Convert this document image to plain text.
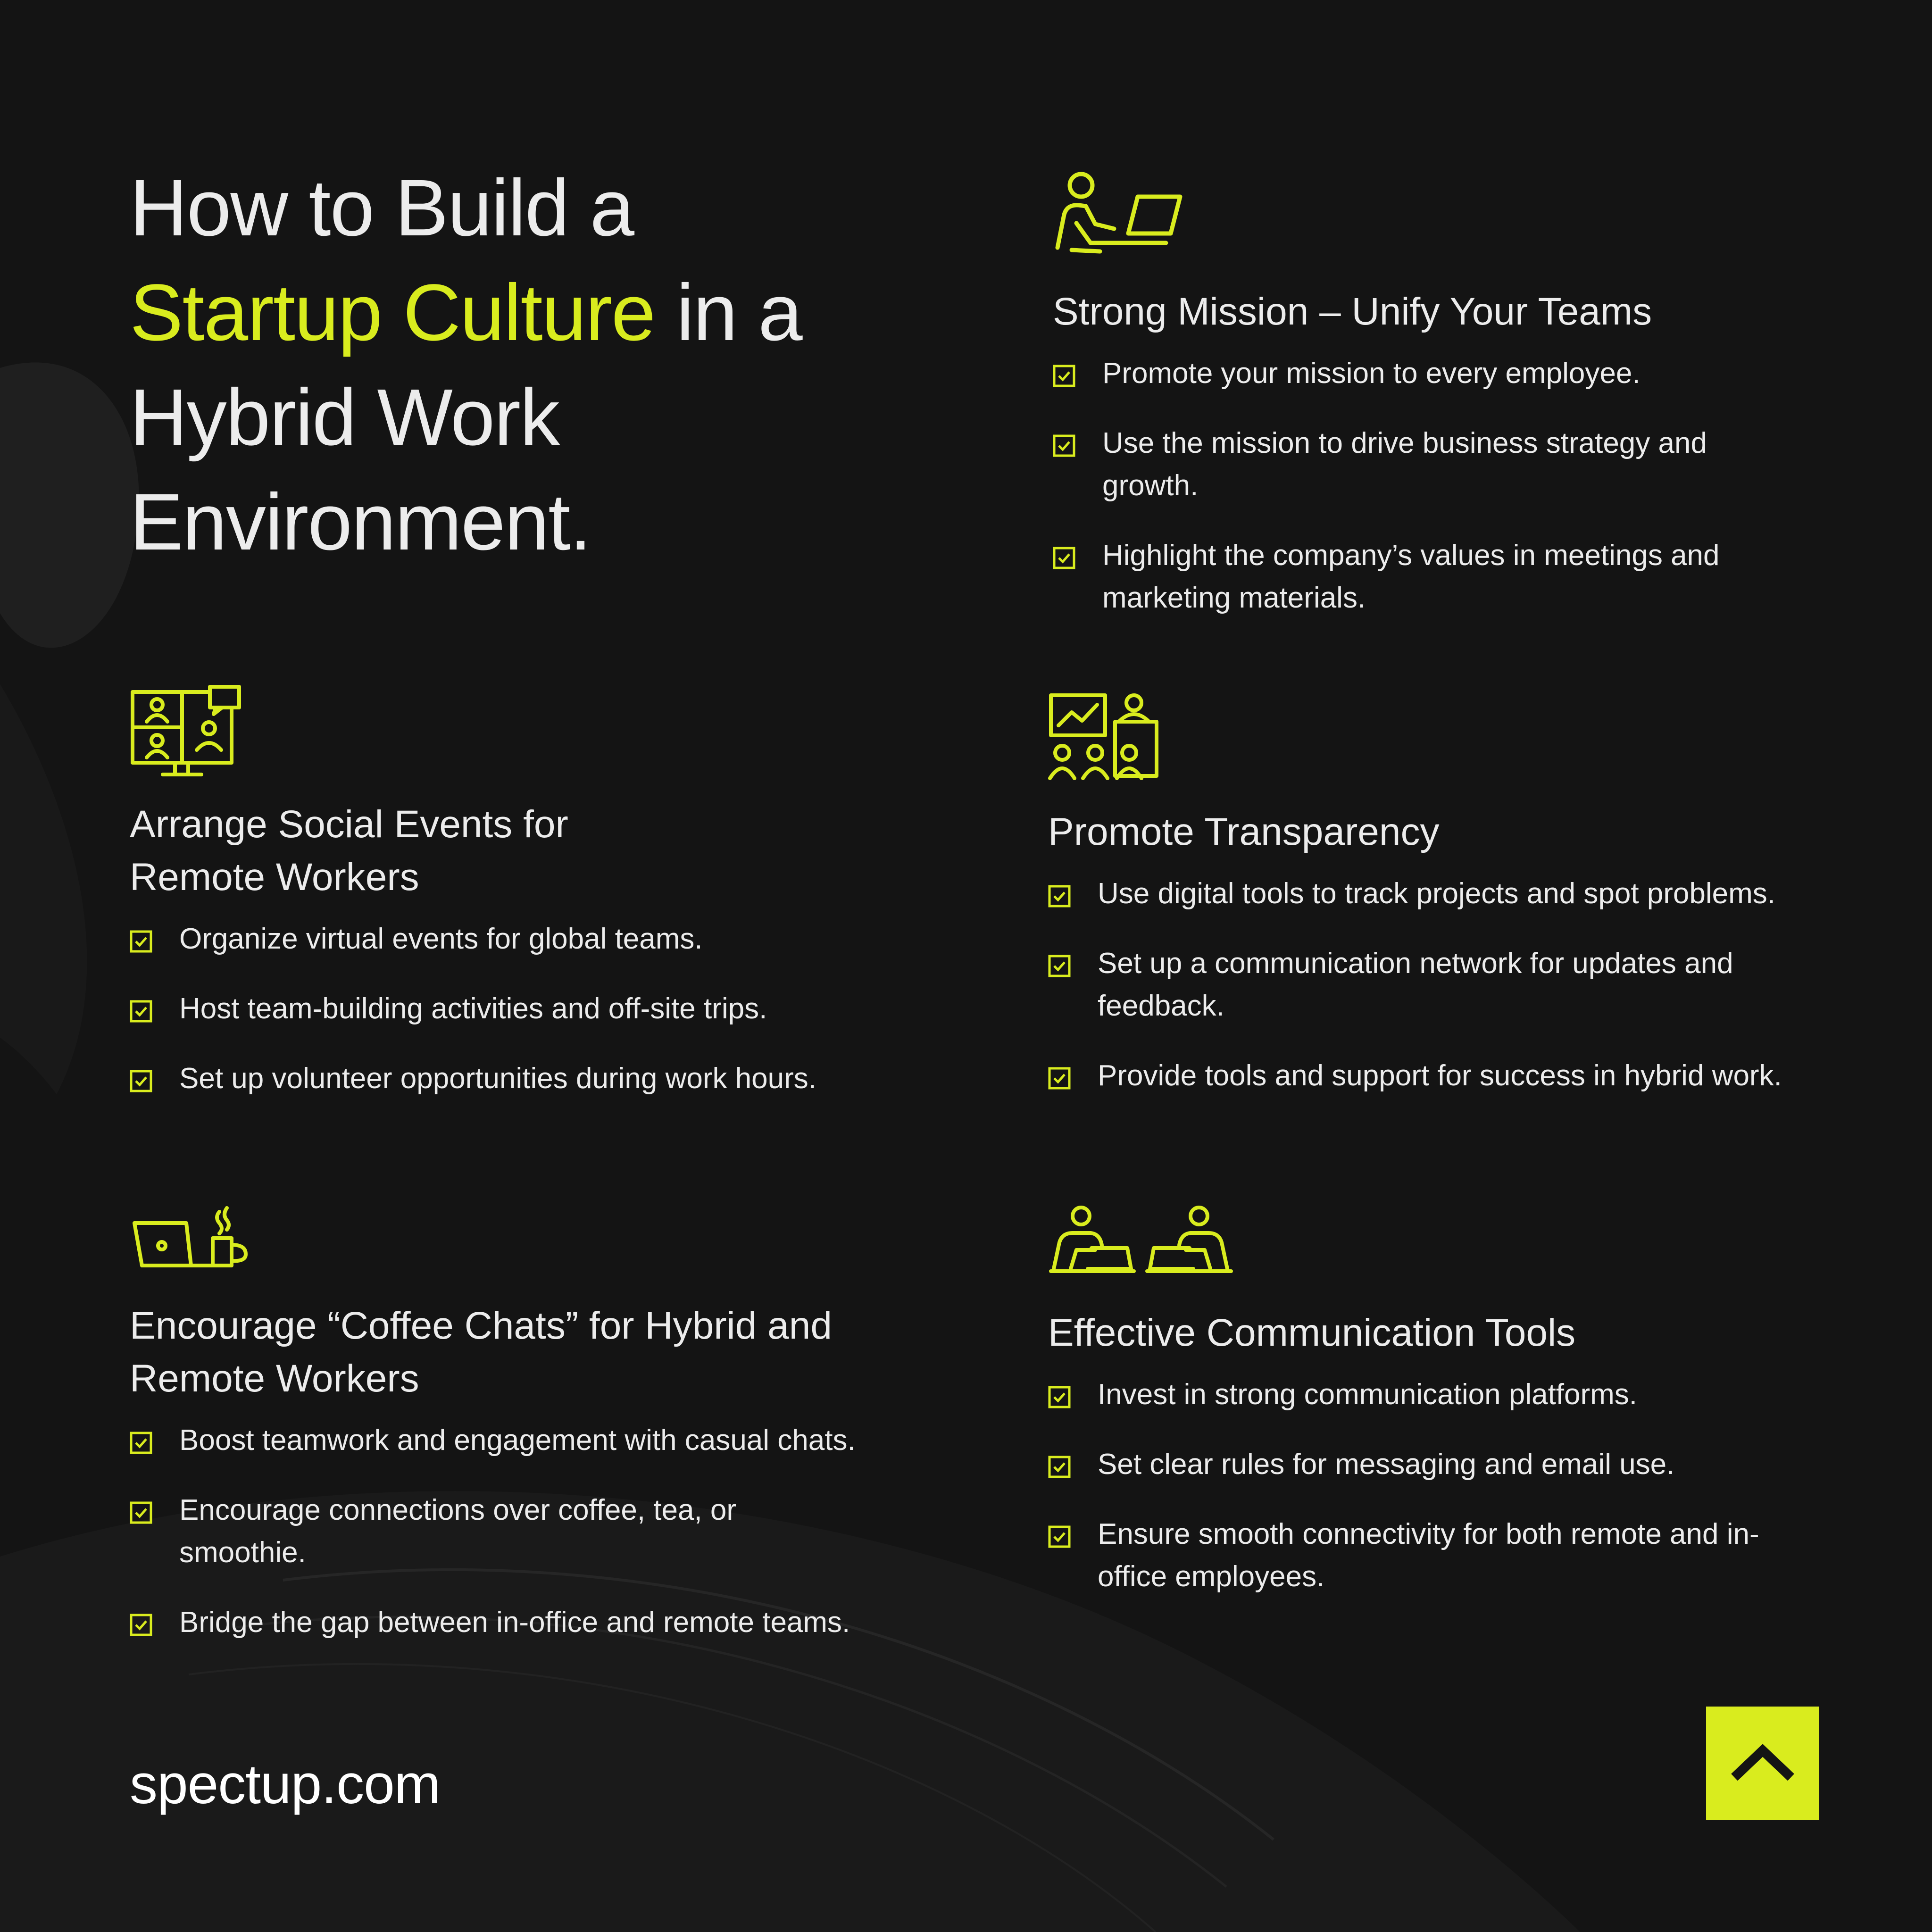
How to Build a
Startup Culture in a
Hybrid Work
Environment.
Strong Mission – Unify Your Teams
Promote your mission to every employee.
Use the mission to drive business strategy and growth.
Highlight the company’s values in meetings and marketing materials.
Arrange Social Events for Remote Workers
Organize virtual events for global teams.
Host team-building activities and off-site trips.
Set up volunteer opportunities during work hours.
Promote Transparency
Use digital tools to track projects and spot problems.
Set up a communication network for updates and feedback.
Provide tools and support for success in hybrid work.
Encourage “Coffee Chats” for Hybrid and Remote Workers
Boost teamwork and engagement with casual chats.
Encourage connections over coffee, tea, or smoothie.
Bridge the gap between in-office and remote teams.
Effective Communication Tools
Invest in strong communication platforms.
Set clear rules for messaging and email use.
Ensure smooth connectivity for both remote and in-office employees.
spectup.com
